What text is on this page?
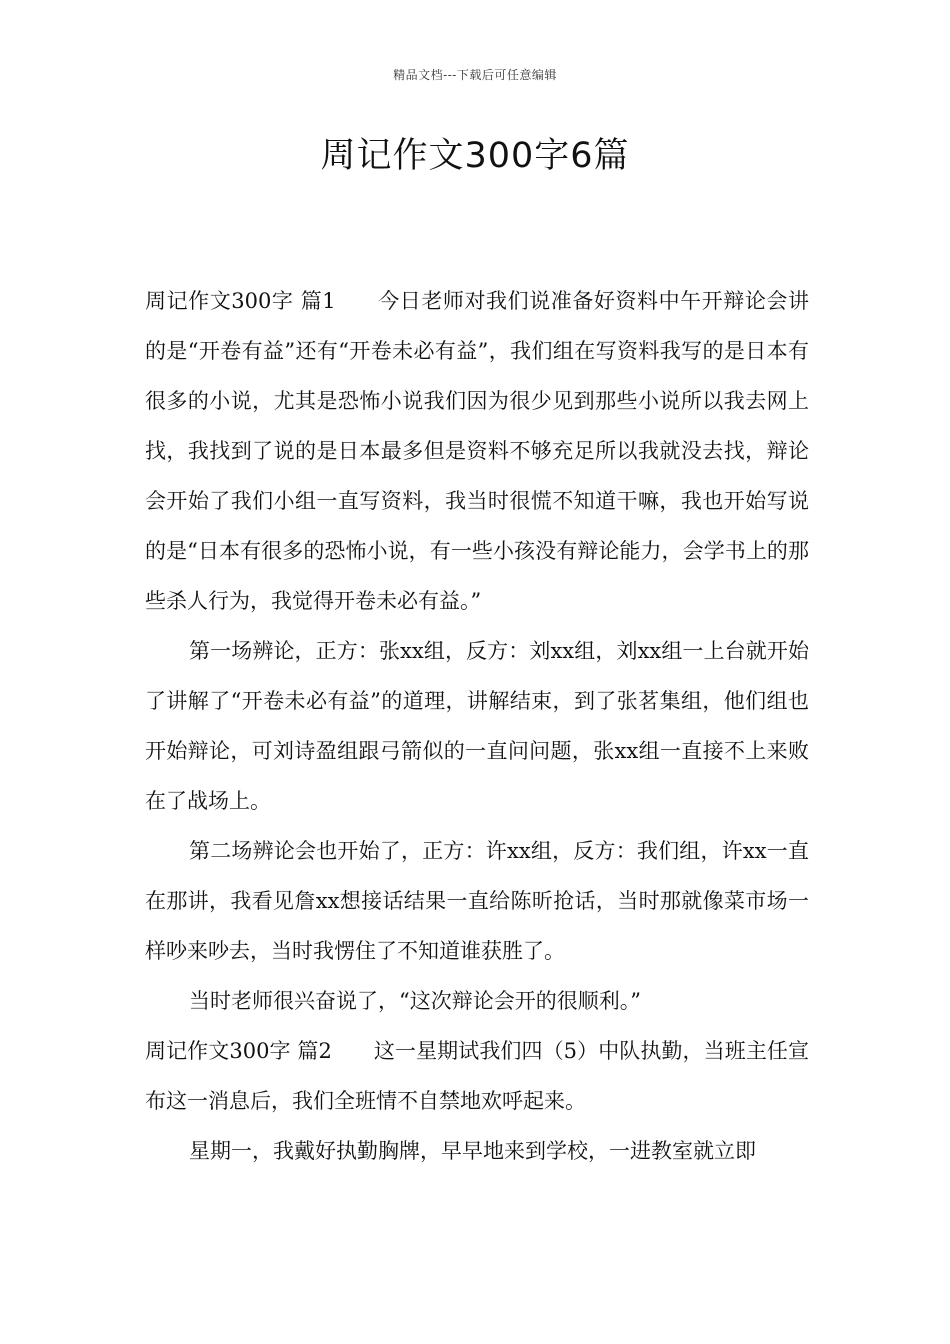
精品文档---下载后可任意编辑
周记作文300字6篇

周记作文300字 篇1 今日老师对我们说准备好资料中午开辩论会讲的是“开卷有益”还有“开卷未必有益”，我们组在写资料我写的是日本有很多的小说，尤其是恐怖小说我们因为很少见到那些小说所以我去网上找，我找到了说的是日本最多但是资料不够充足所以我就没去找，辩论会开始了我们小组一直写资料，我当时很慌不知道干嘛，我也开始写说的是“日本有很多的恐怖小说，有一些小孩没有辩论能力，会学书上的那些杀人行为，我觉得开卷未必有益。”

第一场辨论，正方：张xx组，反方：刘xx组，刘xx组一上台就开始了讲解了“开卷未必有益”的道理，讲解结束，到了张茗集组，他们组也开始辩论，可刘诗盈组跟弓箭似的一直问问题，张xx组一直接不上来败在了战场上。

第二场辨论会也开始了，正方：许xx组，反方：我们组，许xx一直在那讲，我看见詹xx想接话结果一直给陈昕抢话，当时那就像菜市场一样吵来吵去，当时我愣住了不知道谁获胜了。

当时老师很兴奋说了，“这次辩论会开的很顺利。”

周记作文300字 篇2 这一星期试我们四（5）中队执勤，当班主任宣布这一消息后，我们全班情不自禁地欢呼起来。

星期一，我戴好执勤胸牌，早早地来到学校，一进教室就立即
